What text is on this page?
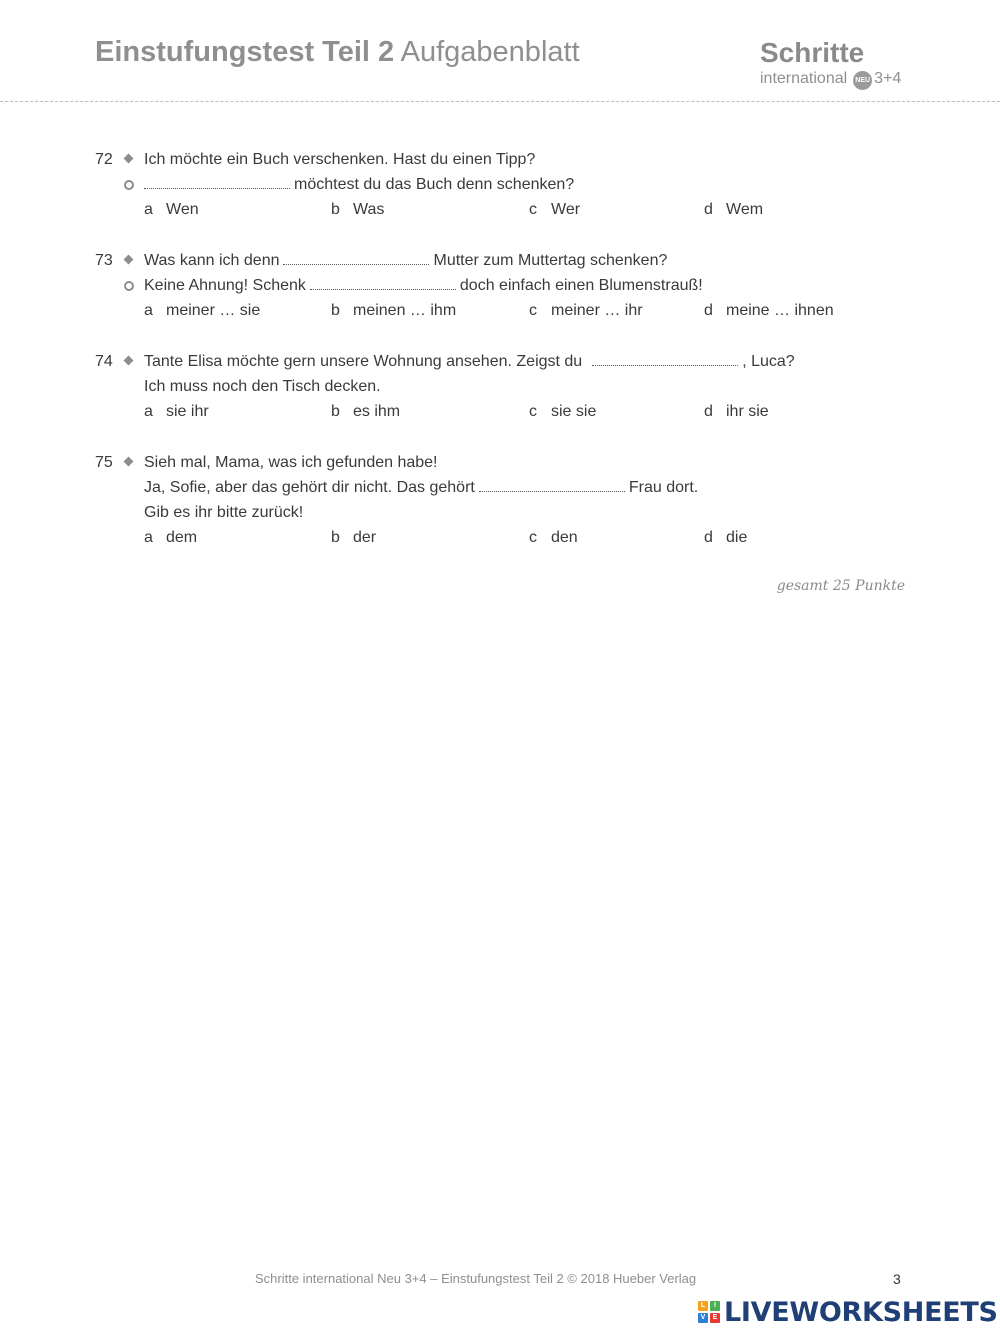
Einstufungstest Teil 2 Aufgabenblatt	Schritte
international NEU 3+4
72	Ich möchte ein Buch verschenken. Hast du einen Tipp?
möchtest du das Buch denn schenken?
a Wen	b Was	c Wer	d Wem
73	Was kann ich denn	Mutter zum Muttertag schenken?
Keine Ahnung! Schenk	doch einfach einen Blumenstrauß!
a meiner … sie	b meinen … ihm	c meiner … ihr	d meine … ihnen
74	Tante Elisa möchte gern unsere Wohnung ansehen. Zeigst du	, Luca?
Ich muss noch den Tisch decken.
a sie ihr	b es ihm	c sie sie	d ihr sie
75	Sieh mal, Mama, was ich gefunden habe!
Ja, Sofie, aber das gehört dir nicht. Das gehört	Frau dort.
Gib es ihr bitte zurück!
a dem	b der	c den	d die
gesamt 25 Punkte
Schritte international Neu 3+4 – Einstufungstest Teil 2 © 2018 Hueber Verlag	3
L	I
V	E LIVEWORKSHEETS
